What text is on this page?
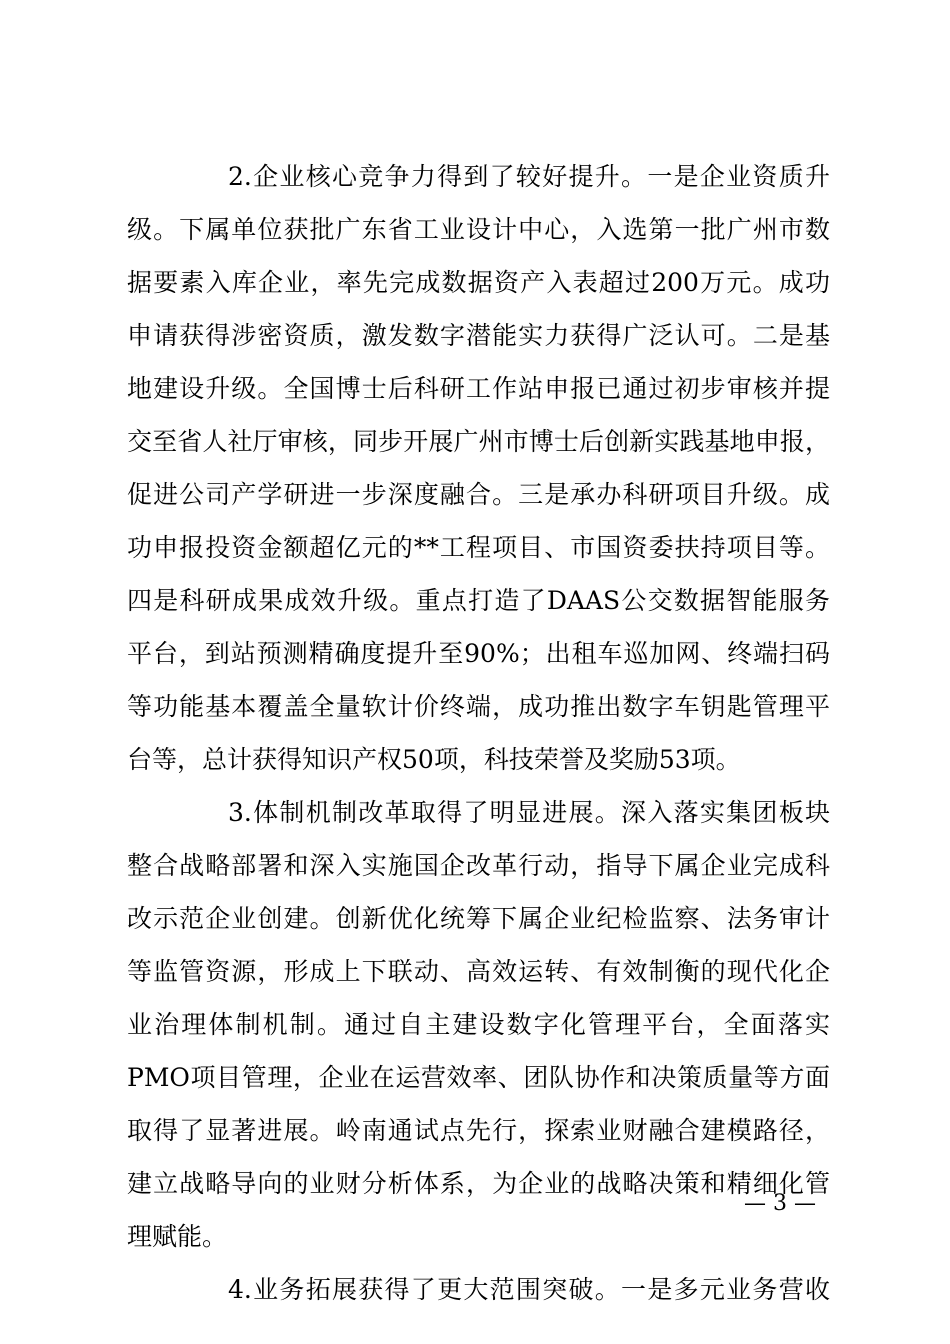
2.企业核心竞争力得到了较好提升。一是企业资质升
级。下属单位获批广东省工业设计中心，入选第一批广州市数
据要素入库企业，率先完成数据资产入表超过200万元。成功
申请获得涉密资质，激发数字潜能实力获得广泛认可。二是基
地建设升级。全国博士后科研工作站申报已通过初步审核并提
交至省人社厅审核，同步开展广州市博士后创新实践基地申报，
促进公司产学研进一步深度融合。三是承办科研项目升级。成
功申报投资金额超亿元的**工程项目、市国资委扶持项目等。
四是科研成果成效升级。重点打造了DAAS公交数据智能服务
平台，到站预测精确度提升至90%；出租车巡加网、终端扫码
等功能基本覆盖全量软计价终端，成功推出数字车钥匙管理平
台等，总计获得知识产权50项，科技荣誉及奖励53项。
3.体制机制改革取得了明显进展。深入落实集团板块
整合战略部署和深入实施国企改革行动，指导下属企业完成科
改示范企业创建。创新优化统筹下属企业纪检监察、法务审计
等监管资源，形成上下联动、高效运转、有效制衡的现代化企
业治理体制机制。通过自主建设数字化管理平台，全面落实
PMO项目管理，企业在运营效率、团队协作和决策质量等方面
取得了显著进展。岭南通试点先行，探索业财融合建模路径，
建立战略导向的业财分析体系，为企业的战略决策和精细化管
理赋能。
4.业务拓展获得了更大范围突破。一是多元业务营收
— 3 —
